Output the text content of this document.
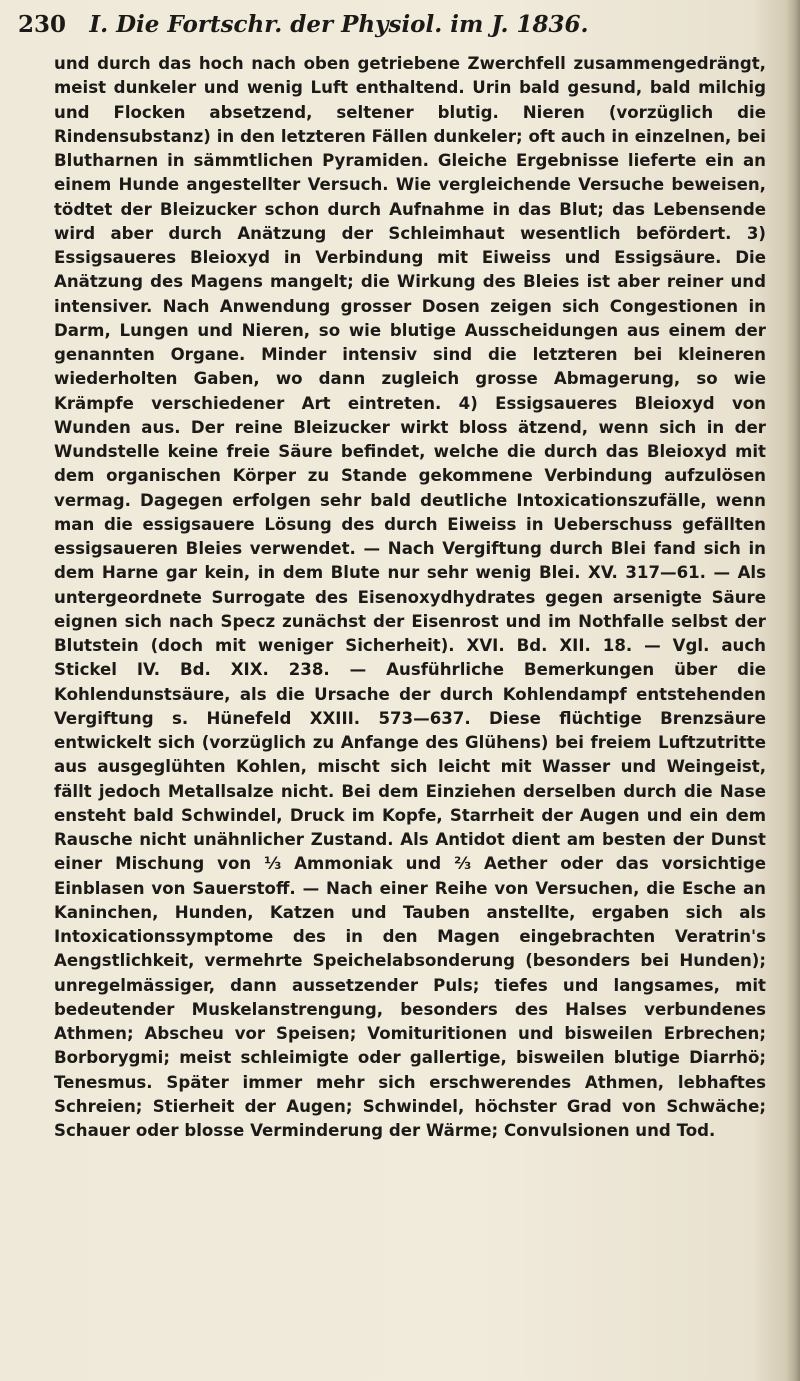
230 I. Die Fortschr. der Physiol. im J. 1836.

und durch das hoch nach oben getriebene Zwerchfell zusammengedrängt, meist dunkeler und wenig Luft enthaltend. Urin bald gesund, bald milchig und Flocken absetzend, seltener blutig. Nieren (vorzüglich die Rindensubstanz) in den letzteren Fällen dunkeler; oft auch in einzelnen, bei Blutharnen in sämmtlichen Pyramiden. Gleiche Ergebnisse lieferte ein an einem Hunde angestellter Versuch. Wie vergleichende Versuche beweisen, tödtet der Bleizucker schon durch Aufnahme in das Blut; das Lebensende wird aber durch Anätzung der Schleimhaut wesentlich befördert. 3) Essigsaueres Bleioxyd in Verbindung mit Eiweiss und Essigsäure. Die Anätzung des Magens mangelt; die Wirkung des Bleies ist aber reiner und intensiver. Nach Anwendung grosser Dosen zeigen sich Congestionen in Darm, Lungen und Nieren, so wie blutige Ausscheidungen aus einem der genannten Organe. Minder intensiv sind die letzteren bei kleineren wiederholten Gaben, wo dann zugleich grosse Abmagerung, so wie Krämpfe verschiedener Art eintreten. 4) Essigsaueres Bleioxyd von Wunden aus. Der reine Bleizucker wirkt bloss ätzend, wenn sich in der Wundstelle keine freie Säure befindet, welche die durch das Bleioxyd mit dem organischen Körper zu Stande gekommene Verbindung aufzulösen vermag. Dagegen erfolgen sehr bald deutliche Intoxicationszufälle, wenn man die essigsauere Lösung des durch Eiweiss in Ueberschuss gefällten essigsaueren Bleies verwendet. — Nach Vergiftung durch Blei fand sich in dem Harne gar kein, in dem Blute nur sehr wenig Blei. XV. 317—61. — Als untergeordnete Surrogate des Eisenoxydhydrates gegen arsenigte Säure eignen sich nach Specz zunächst der Eisenrost und im Nothfalle selbst der Blutstein (doch mit weniger Sicherheit). XVI. Bd. XII. 18. — Vgl. auch Stickel IV. Bd. XIX. 238. — Ausführliche Bemerkungen über die Kohlendunstsäure, als die Ursache der durch Kohlendampf entstehenden Vergiftung s. Hünefeld XXIII. 573—637. Diese flüchtige Brenzsäure entwickelt sich (vorzüglich zu Anfange des Glühens) bei freiem Luftzutritte aus ausgeglühten Kohlen, mischt sich leicht mit Wasser und Weingeist, fällt jedoch Metallsalze nicht. Bei dem Einziehen derselben durch die Nase ensteht bald Schwindel, Druck im Kopfe, Starrheit der Augen und ein dem Rausche nicht unähnlicher Zustand. Als Antidot dient am besten der Dunst einer Mischung von ⅓ Ammoniak und ⅔ Aether oder das vorsichtige Einblasen von Sauerstoff. — Nach einer Reihe von Versuchen, die Esche an Kaninchen, Hunden, Katzen und Tauben anstellte, ergaben sich als Intoxicationssymptome des in den Magen eingebrachten Veratrin's Aengstlichkeit, vermehrte Speichelabsonderung (besonders bei Hunden); unregelmässiger, dann aussetzender Puls; tiefes und langsames, mit bedeutender Muskelanstrengung, besonders des Halses verbundenes Athmen; Abscheu vor Speisen; Vomituritionen und bisweilen Erbrechen; Borborygmi; meist schleimigte oder gallertige, bisweilen blutige Diarrhö; Tenesmus. Später immer mehr sich erschwerendes Athmen, lebhaftes Schreien; Stierheit der Augen; Schwindel, höchster Grad von Schwäche; Schauer oder blosse Verminderung der Wärme; Convulsionen und Tod.
